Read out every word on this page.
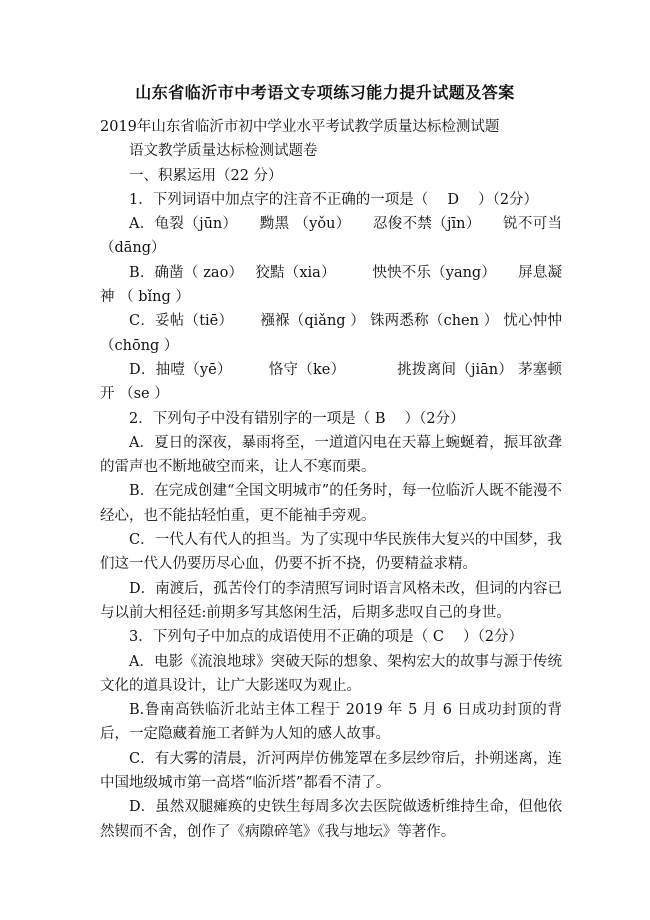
山东省临沂市中考语文专项练习能力提升试题及答案

2019年山东省临沂市初中学业水平考试教学质量达标检测试题

语文教学质量达标检测试题卷

一、积累运用（22 分）

1．下列词语中加点字的注音不正确的一项是（　 D　 ）（2分）

A．龟裂（jūn）　　黝黑 （yǒu）　　忍俊不禁（jīn）　　锐不可当（dāng）

B．确凿（ zao）　 狡黠（xia）　　　怏怏不乐（yang）　　屏息凝神 （ bǐng ）

C．妥帖（tiē）　　 襁褓（qiǎng ） 铢两悉称（chen ） 忧心忡忡 （chōng ）

D．抽噎（yē）　　　恪守（ke）　　　　挑拨离间（jiān） 茅塞顿开 （se ）

2．下列句子中没有错别字的一项是（ B　 ）（2分）

A．夏日的深夜，暴雨将至，一道道闪电在天幕上蜿蜒着，振耳欲聋的雷声也不断地破空而来，让人不寒而栗。

B．在完成创建“全国文明城市”的任务时，每一位临沂人既不能漫不经心，也不能拈轻怕重，更不能袖手旁观。

C．一代人有代人的担当。为了实现中华民族伟大复兴的中国梦，我们这一代人仍要历尽心血，仍要不折不挠，仍要精益求精。

D．南渡后，孤苦伶仃的李清照写词时语言风格未改，但词的内容已与以前大相径廷:前期多写其悠闲生活，后期多悲叹自己的身世。

3．下列句子中加点的成语使用不正确的项是（ C　 ）（2分）

A．电影《流浪地球》突破天际的想象、架构宏大的故事与源于传统文化的道具设计，让广大影迷叹为观止。

B.鲁南高铁临沂北站主体工程于 2019 年 5 月 6 日成功封顶的背后，一定隐藏着施工者鲜为人知的感人故事。

C．有大雾的清晨，沂河两岸仿佛笼罩在多层纱帘后，扑朔迷离，连中国地级城市第一高塔“临沂塔”都看不清了。

D．虽然双腿瘫痪的史铁生每周多次去医院做透析维持生命，但他依然锲而不舍，创作了《病隙碎笔》《我与地坛》等著作。
